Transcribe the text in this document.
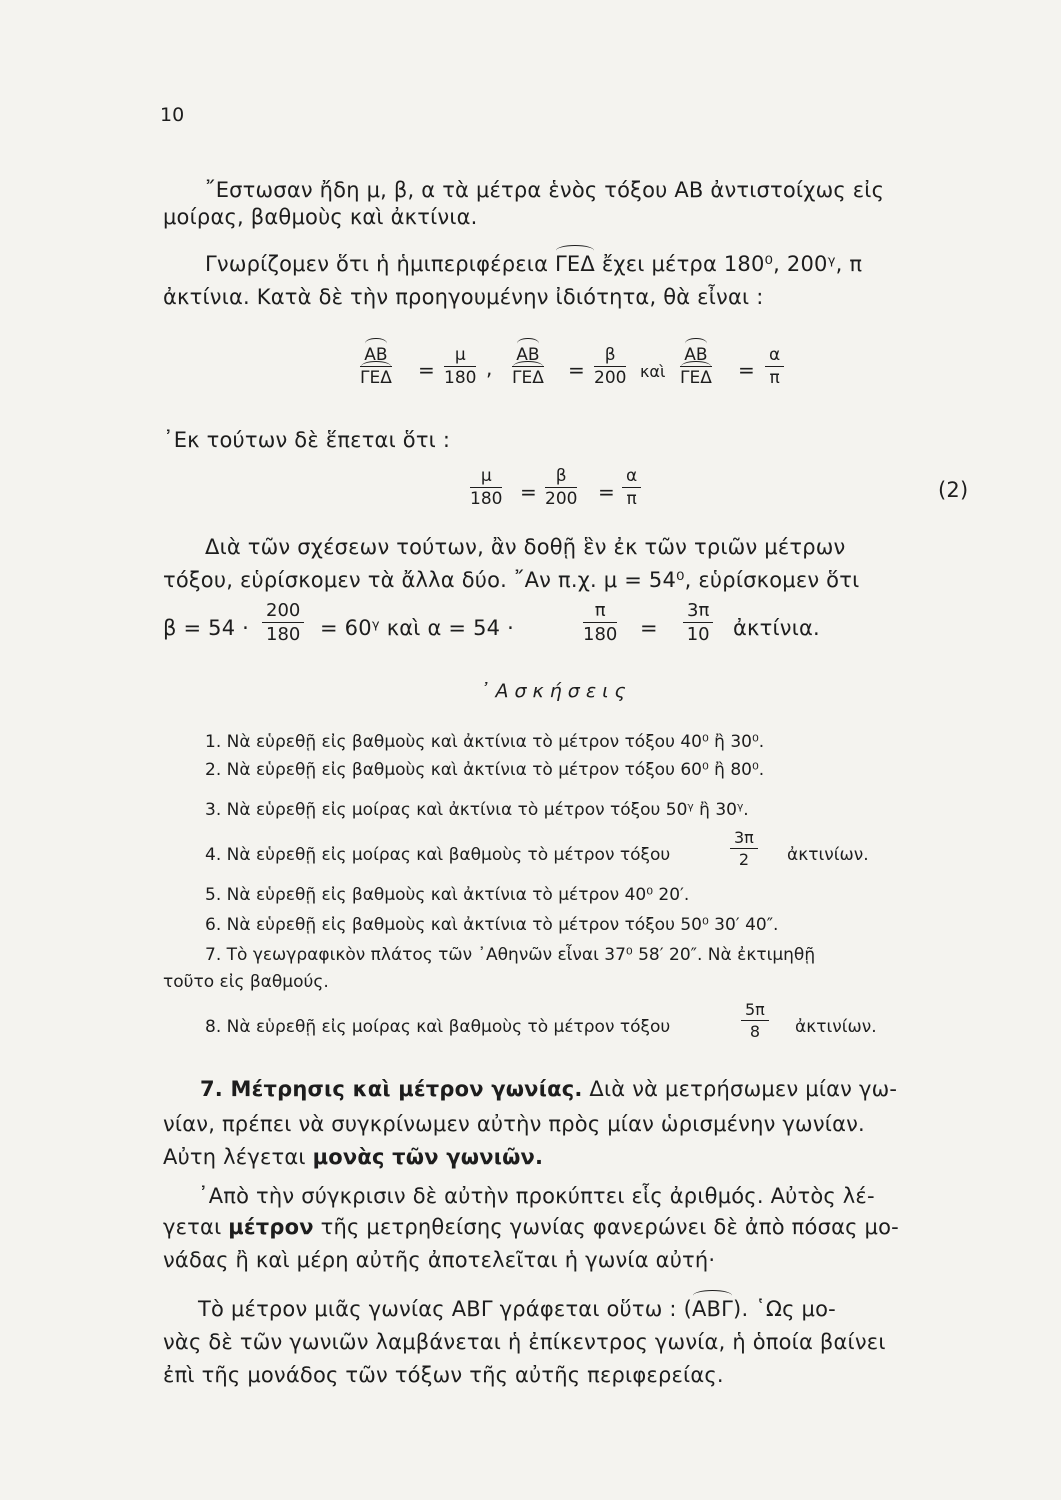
10
῎Εστωσαν ἤδη μ, β, α τὰ μέτρα ἑνὸς τόξου ΑΒ ἀντιστοίχως εἰς
μοίρας, βαθμοὺς καὶ ἀκτίνια.
Γνωρίζομεν ὅτι ἡ ἡμιπεριφέρεια ΓΕΔ ἔχει μέτρα 180⁰, 200ᵞ, π
ἀκτίνια. Κατὰ δὲ τὴν προηγουμένην ἰδιότητα, θὰ εἶναι :
ΑΒ
$\Gamma E\Delta = \frac{\mu}{180}$ ,
ΑΒ
$\Gamma E\Delta = \frac{\beta}{200}$ καὶ
ΑΒ
$\Gamma E\Delta = \frac{\alpha}{\pi}$
᾽Εκ τούτων δὲ ἕπεται ὅτι :
$\frac{\mu}{180} = \frac{\beta}{200} = \frac{\alpha}{\pi}$	(2)
Διὰ τῶν σχέσεων τούτων, ἂν δοθῇ ἓν ἐκ τῶν τριῶν μέτρων
τόξου, εὑρίσκομεν τὰ ἄλλα δύο. ῎Αν π.χ. μ = 54⁰, εὑρίσκομεν ὅτι
$\beta = 54 \cdot \frac{200}{180}$ = 60ᵞ καὶ α = 54 ·	$\frac{\pi}{180} = \frac{3\pi}{10}$ ἀκτίνια.
᾽Ασκήσεις
1. Νὰ εὑρεθῇ εἰς βαθμοὺς καὶ ἀκτίνια τὸ μέτρον τόξου 40⁰ ἢ 30⁰.
2. Νὰ εὑρεθῇ εἰς βαθμοὺς καὶ ἀκτίνια τὸ μέτρον τόξου 60⁰ ἢ 80⁰.
3. Νὰ εὑρεθῇ εἰς μοίρας καὶ ἀκτίνια τὸ μέτρον τόξου 50ᵞ ἢ 30ᵞ.
4. Νὰ εὑρεθῇ εἰς μοίρας καὶ βαθμοὺς τὸ μέτρον τόξου	$\frac{3\pi}{2}$ ἀκτινίων.
5. Νὰ εὑρεθῇ εἰς βαθμοὺς καὶ ἀκτίνια τὸ μέτρον 40⁰ 20′.
6. Νὰ εὑρεθῇ εἰς βαθμοὺς καὶ ἀκτίνια τὸ μέτρον τόξου 50⁰ 30′ 40″.
7. Τὸ γεωγραφικὸν πλάτος τῶν ᾽Αθηνῶν εἶναι 37⁰ 58′ 20″. Νὰ ἐκτιμηθῇ
τοῦτο εἰς βαθμούς.
8. Νὰ εὑρεθῇ εἰς μοίρας καὶ βαθμοὺς τὸ μέτρον τόξου	$\frac{5\pi}{8}$ ἀκτινίων.
7. Μέτρησις καὶ μέτρον γωνίας. Διὰ νὰ μετρήσωμεν μίαν γω-
νίαν, πρέπει νὰ συγκρίνωμεν αὐτὴν πρὸς μίαν ὡρισμένην γωνίαν.
Αὐτη λέγεται μονὰς τῶν γωνιῶν.
᾽Απὸ τὴν σύγκρισιν δὲ αὐτὴν προκύπτει εἷς ἀριθμός. Αὐτὸς λέ-
γεται μέτρον τῆς μετρηθείσης γωνίας φανερώνει δὲ ἀπὸ πόσας μο-
νάδας ἢ καὶ μέρη αὐτῆς ἀποτελεῖται ἡ γωνία αὐτή·
Τὸ μέτρον μιᾶς γωνίας ΑΒΓ γράφεται οὕτω : (ΑΒΓ). ῾Ως μο-
νὰς δὲ τῶν γωνιῶν λαμβάνεται ἡ ἐπίκεντρος γωνία, ἡ ὁποία βαίνει
ἐπὶ τῆς μονάδος τῶν τόξων τῆς αὐτῆς περιφερείας.
